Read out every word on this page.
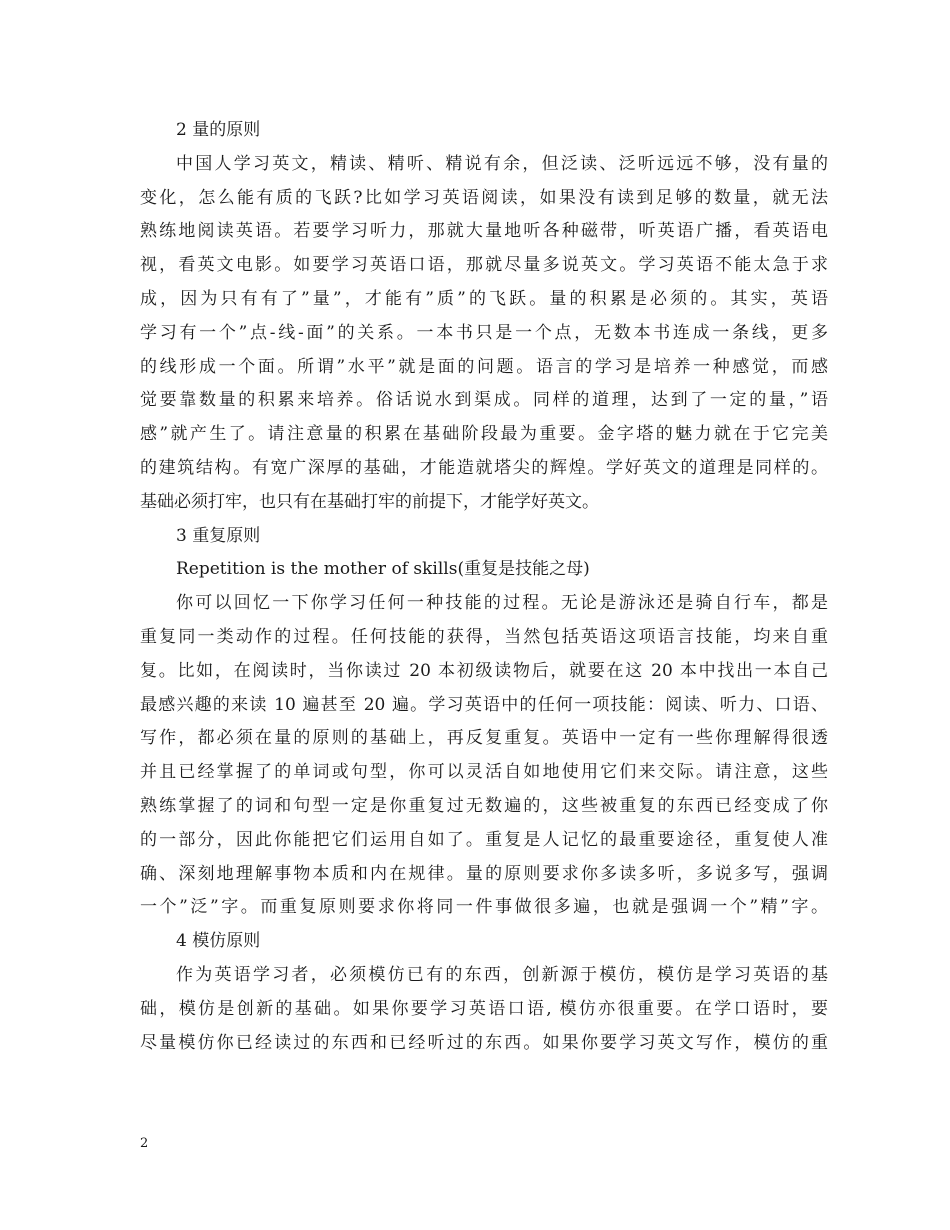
2 量的原则
中国人学习英文，精读、精听、精说有余，但泛读、泛听远远不够，没有量的
变化，怎么能有质的飞跃?比如学习英语阅读，如果没有读到足够的数量，就无法
熟练地阅读英语。若要学习听力，那就大量地听各种磁带，听英语广播，看英语电
视，看英文电影。如要学习英语口语，那就尽量多说英文。学习英语不能太急于求
成，因为只有有了”量”，才能有”质”的飞跃。量的积累是必须的。其实，英语
学习有一个”点-线-面”的关系。一本书只是一个点，无数本书连成一条线，更多
的线形成一个面。所谓”水平”就是面的问题。语言的学习是培养一种感觉，而感
觉要靠数量的积累来培养。俗话说水到渠成。同样的道理，达到了一定的量，”语
感”就产生了。请注意量的积累在基础阶段最为重要。金字塔的魅力就在于它完美
的建筑结构。有宽广深厚的基础，才能造就塔尖的辉煌。学好英文的道理是同样的。
基础必须打牢，也只有在基础打牢的前提下，才能学好英文。
3 重复原则
Repetition is the mother of skills(重复是技能之母)
你可以回忆一下你学习任何一种技能的过程。无论是游泳还是骑自行车，都是
重复同一类动作的过程。任何技能的获得，当然包括英语这项语言技能，均来自重
复。比如，在阅读时，当你读过 20 本初级读物后，就要在这 20 本中找出一本自己
最感兴趣的来读 10 遍甚至 20 遍。学习英语中的任何一项技能：阅读、听力、口语、
写作，都必须在量的原则的基础上，再反复重复。英语中一定有一些你理解得很透
并且已经掌握了的单词或句型，你可以灵活自如地使用它们来交际。请注意，这些
熟练掌握了的词和句型一定是你重复过无数遍的，这些被重复的东西已经变成了你
的一部分，因此你能把它们运用自如了。重复是人记忆的最重要途径，重复使人准
确、深刻地理解事物本质和内在规律。量的原则要求你多读多听，多说多写，强调
一个”泛”字。而重复原则要求你将同一件事做很多遍，也就是强调一个”精”字。
4 模仿原则
作为英语学习者，必须模仿已有的东西，创新源于模仿，模仿是学习英语的基
础，模仿是创新的基础。如果你要学习英语口语, 模仿亦很重要。在学口语时，要
尽量模仿你已经读过的东西和已经听过的东西。如果你要学习英文写作，模仿的重
2
